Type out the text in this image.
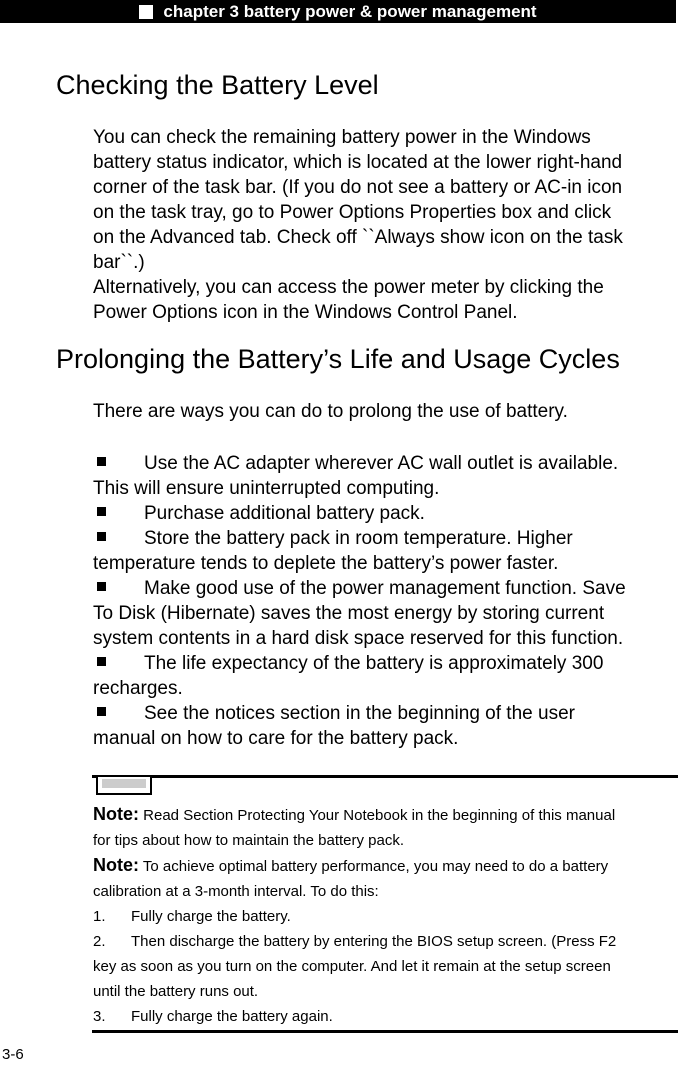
chapter 3 battery power & power management
Checking the Battery Level

You can check the remaining battery power in the Windows
battery status indicator, which is located at the lower right-hand
corner of the task bar. (If you do not see a battery or AC-in icon
on the task tray, go to Power Options Properties box and click
on the Advanced tab. Check off ``Always show icon on the task
bar``.)
Alternatively, you can access the power meter by clicking the
Power Options icon in the Windows Control Panel.

Prolonging the Battery’s Life and Usage Cycles

There are ways you can do to prolong the use of battery.

Use the AC adapter wherever AC wall outlet is available.
This will ensure uninterrupted computing.
Purchase additional battery pack.
Store the battery pack in room temperature. Higher
temperature tends to deplete the battery’s power faster.
Make good use of the power management function. Save
To Disk (Hibernate) saves the most energy by storing current
system contents in a hard disk space reserved for this function.
The life expectancy of the battery is approximately 300
recharges.
See the notices section in the beginning of the user
manual on how to care for the battery pack.
Note: Read Section Protecting Your Notebook in the beginning of this manual
for tips about how to maintain the battery pack.
Note: To achieve optimal battery performance, you may need to do a battery
calibration at a 3-month interval. To do this:
1. Fully charge the battery.
2. Then discharge the battery by entering the BIOS setup screen. (Press F2
key as soon as you turn on the computer. And let it remain at the setup screen
until the battery runs out.
3. Fully charge the battery again.
3-6
